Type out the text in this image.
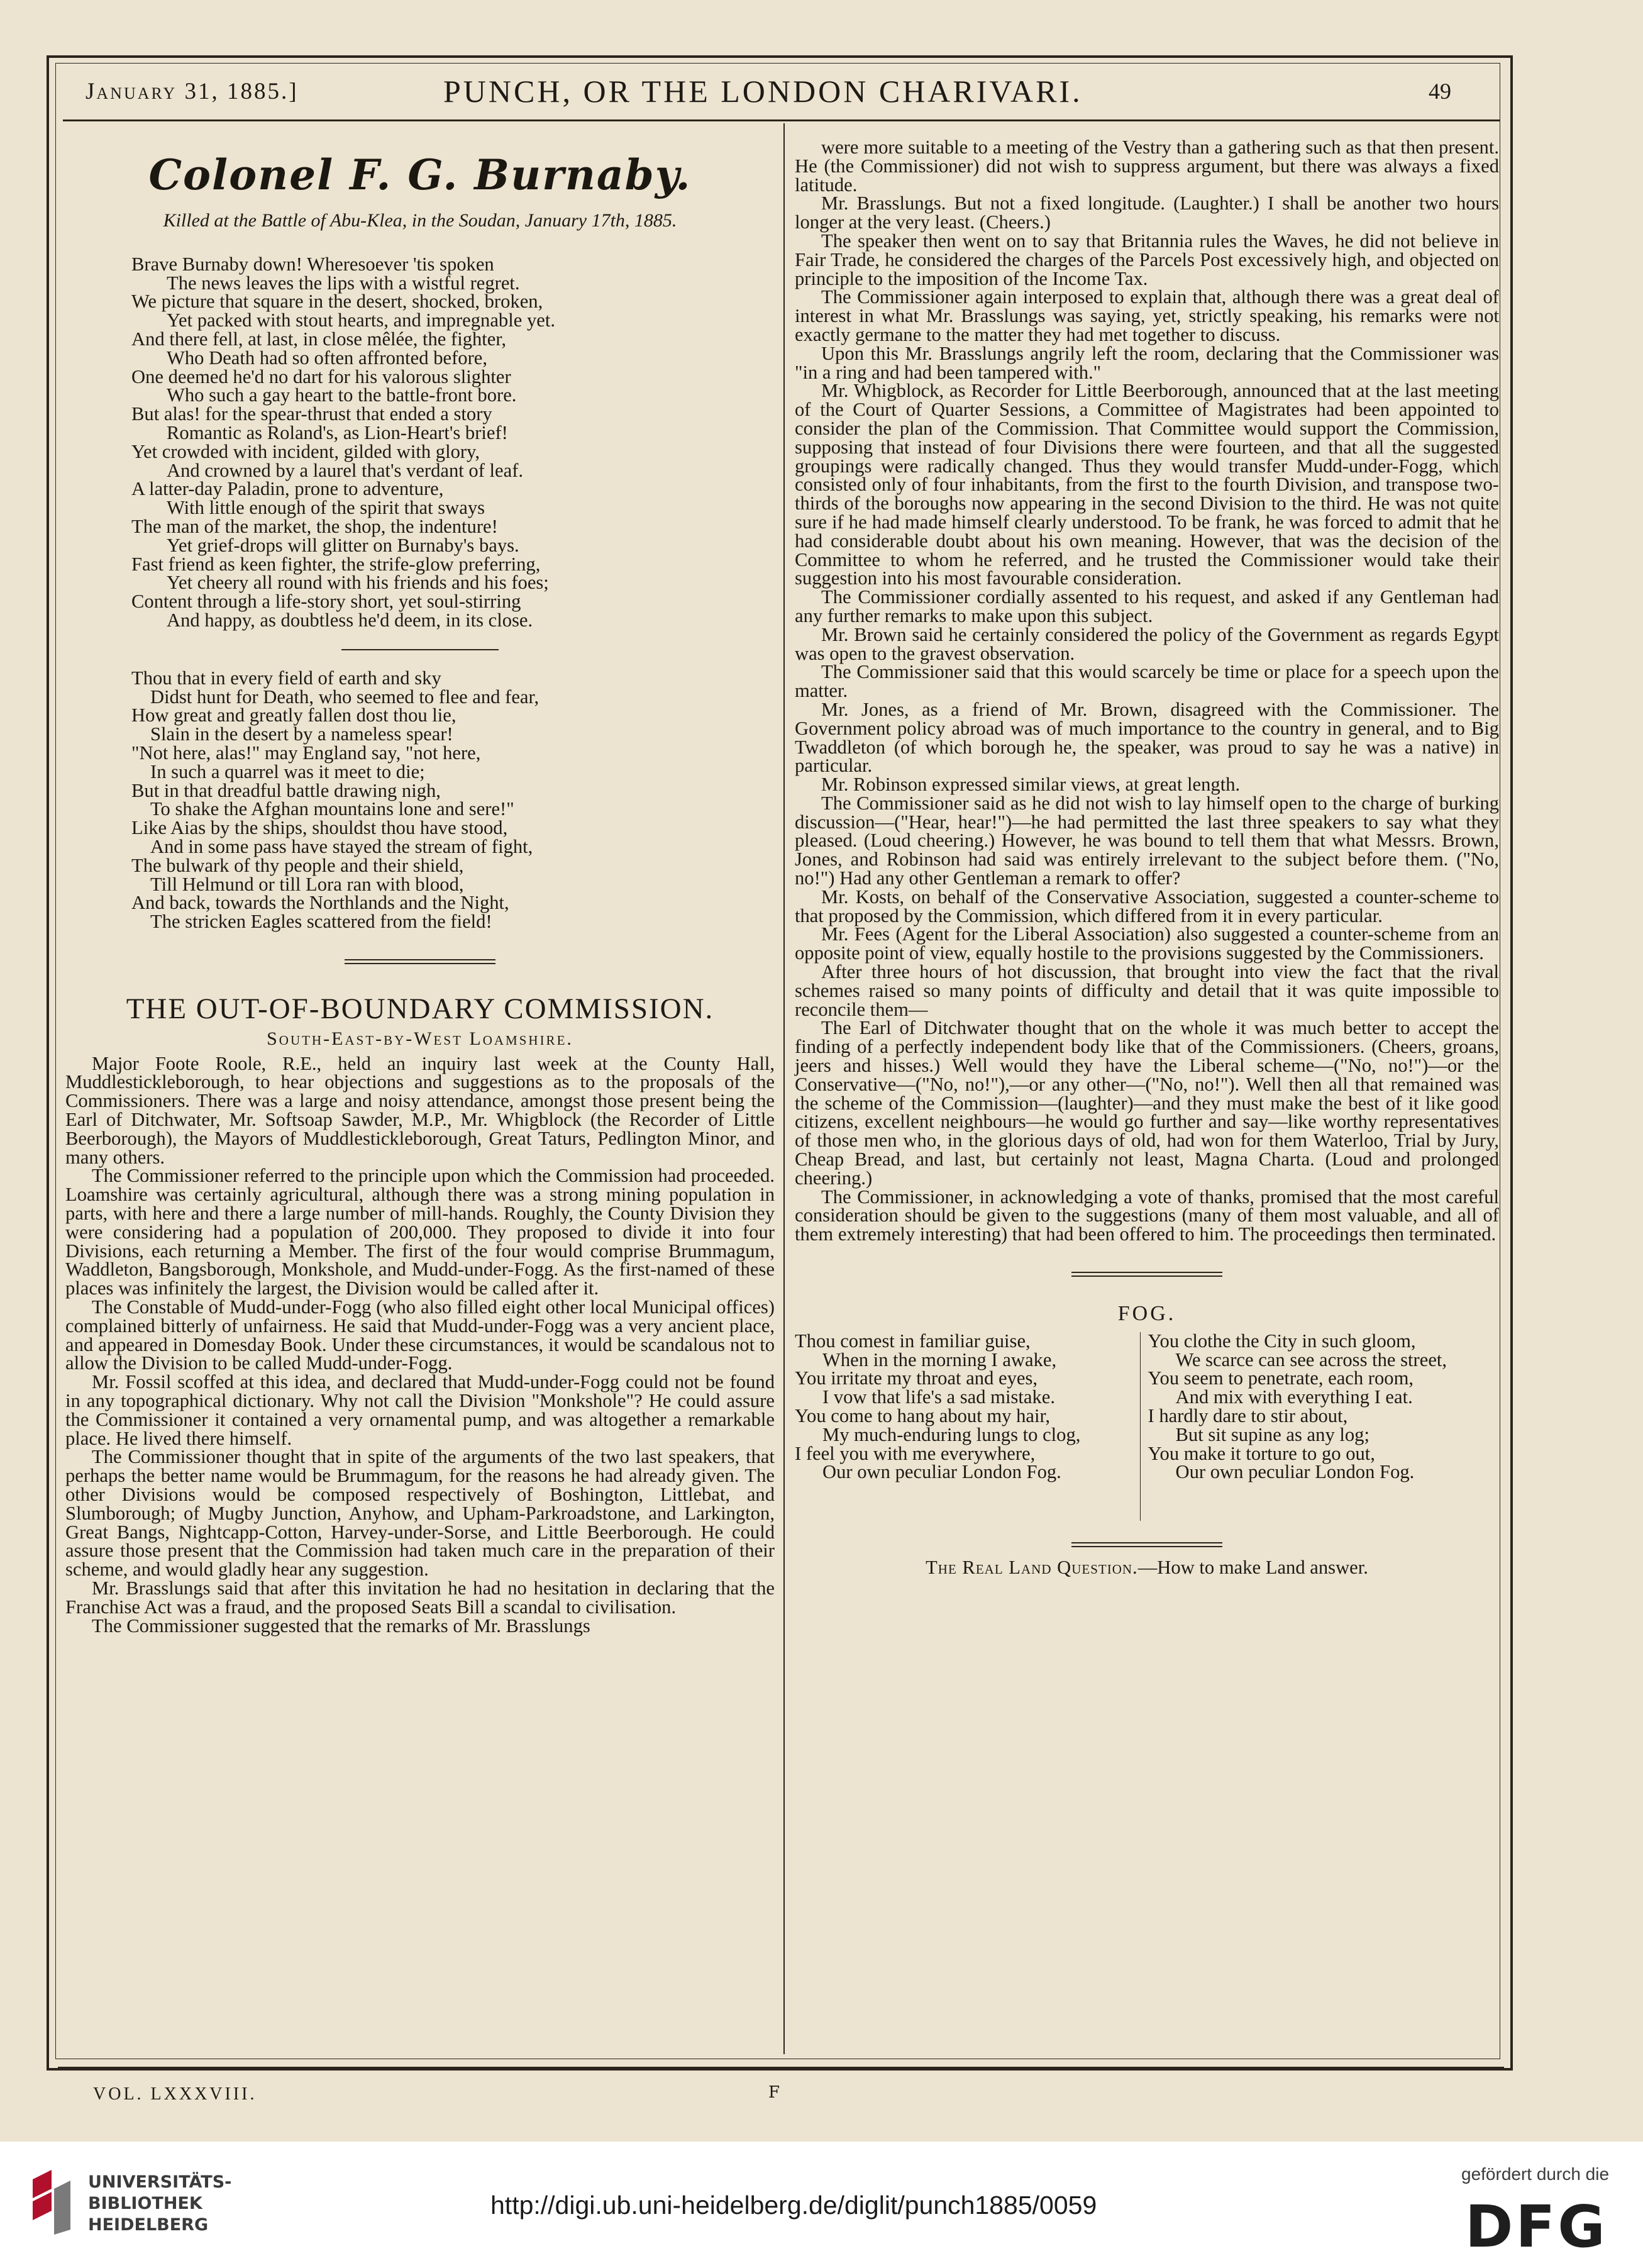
January 31, 1885.]	PUNCH, OR THE LONDON CHARIVARI.	49
Colonel F. G. Burnaby.
Killed at the Battle of Abu-Klea, in the Soudan, January 17th, 1885.

Brave Burnaby down! Wheresoever 'tis spoken

The news leaves the lips with a wistful regret.

We picture that square in the desert, shocked, broken,

Yet packed with stout hearts, and impregnable yet.

And there fell, at last, in close mêlée, the fighter,

Who Death had so often affronted before,

One deemed he'd no dart for his valorous slighter

Who such a gay heart to the battle-front bore.

But alas! for the spear-thrust that ended a story

Romantic as Roland's, as Lion-Heart's brief!

Yet crowded with incident, gilded with glory,

And crowned by a laurel that's verdant of leaf.

A latter-day Paladin, prone to adventure,

With little enough of the spirit that sways

The man of the market, the shop, the indenture!

Yet grief-drops will glitter on Burnaby's bays.

Fast friend as keen fighter, the strife-glow preferring,

Yet cheery all round with his friends and his foes;

Content through a life-story short, yet soul-stirring

And happy, as doubtless he'd deem, in its close.

Thou that in every field of earth and sky

Didst hunt for Death, who seemed to flee and fear,

How great and greatly fallen dost thou lie,

Slain in the desert by a nameless spear!

"Not here, alas!" may England say, "not here,

In such a quarrel was it meet to die;

But in that dreadful battle drawing nigh,

To shake the Afghan mountains lone and sere!"

Like Aias by the ships, shouldst thou have stood,

And in some pass have stayed the stream of fight,

The bulwark of thy people and their shield,

Till Helmund or till Lora ran with blood,

And back, towards the Northlands and the Night,

The stricken Eagles scattered from the field!

THE OUT-OF-BOUNDARY COMMISSION.
South-East-by-West Loamshire.

Major Foote Roole, R.E., held an inquiry last week at the County Hall, Muddlestickleborough, to hear objections and suggestions as to the proposals of the Commissioners. There was a large and noisy attendance, amongst those present being the Earl of Ditchwater, Mr. Softsoap Sawder, M.P., Mr. Whigblock (the Recorder of Little Beerborough), the Mayors of Muddlestickleborough, Great Taturs, Pedlington Minor, and many others.

The Commissioner referred to the principle upon which the Commission had proceeded. Loamshire was certainly agricultural, although there was a strong mining population in parts, with here and there a large number of mill-hands. Roughly, the County Division they were considering had a population of 200,000. They proposed to divide it into four Divisions, each returning a Member. The first of the four would comprise Brummagum, Waddleton, Bangsborough, Monkshole, and Mudd-under-Fogg. As the first-named of these places was infinitely the largest, the Division would be called after it.

The Constable of Mudd-under-Fogg (who also filled eight other local Municipal offices) complained bitterly of unfairness. He said that Mudd-under-Fogg was a very ancient place, and appeared in Domesday Book. Under these circumstances, it would be scandalous not to allow the Division to be called Mudd-under-Fogg.

Mr. Fossil scoffed at this idea, and declared that Mudd-under-Fogg could not be found in any topographical dictionary. Why not call the Division "Monkshole"? He could assure the Commissioner it contained a very ornamental pump, and was altogether a remarkable place. He lived there himself.

The Commissioner thought that in spite of the arguments of the two last speakers, that perhaps the better name would be Brummagum, for the reasons he had already given. The other Divisions would be composed respectively of Boshington, Littlebat, and Slumborough; of Mugby Junction, Anyhow, and Upham-Parkroadstone, and Larkington, Great Bangs, Nightcapp-Cotton, Harvey-under-Sorse, and Little Beerborough. He could assure those present that the Commission had taken much care in the preparation of their scheme, and would gladly hear any suggestion.

Mr. Brasslungs said that after this invitation he had no hesitation in declaring that the Franchise Act was a fraud, and the proposed Seats Bill a scandal to civilisation.

The Commissioner suggested that the remarks of Mr. Brasslungs

were more suitable to a meeting of the Vestry than a gathering such as that then present. He (the Commissioner) did not wish to suppress argument, but there was always a fixed latitude.

Mr. Brasslungs. But not a fixed longitude. (Laughter.) I shall be another two hours longer at the very least. (Cheers.)

The speaker then went on to say that Britannia rules the Waves, he did not believe in Fair Trade, he considered the charges of the Parcels Post excessively high, and objected on principle to the imposition of the Income Tax.

The Commissioner again interposed to explain that, although there was a great deal of interest in what Mr. Brasslungs was saying, yet, strictly speaking, his remarks were not exactly germane to the matter they had met together to discuss.

Upon this Mr. Brasslungs angrily left the room, declaring that the Commissioner was "in a ring and had been tampered with."

Mr. Whigblock, as Recorder for Little Beerborough, announced that at the last meeting of the Court of Quarter Sessions, a Committee of Magistrates had been appointed to consider the plan of the Commission. That Committee would support the Commission, supposing that instead of four Divisions there were fourteen, and that all the suggested groupings were radically changed. Thus they would transfer Mudd-under-Fogg, which consisted only of four inhabitants, from the first to the fourth Division, and transpose two-thirds of the boroughs now appearing in the second Division to the third. He was not quite sure if he had made himself clearly understood. To be frank, he was forced to admit that he had considerable doubt about his own meaning. However, that was the decision of the Committee to whom he referred, and he trusted the Commissioner would take their suggestion into his most favourable consideration.

The Commissioner cordially assented to his request, and asked if any Gentleman had any further remarks to make upon this subject.

Mr. Brown said he certainly considered the policy of the Government as regards Egypt was open to the gravest observation.

The Commissioner said that this would scarcely be time or place for a speech upon the matter.

Mr. Jones, as a friend of Mr. Brown, disagreed with the Commissioner. The Government policy abroad was of much importance to the country in general, and to Big Twaddleton (of which borough he, the speaker, was proud to say he was a native) in particular.

Mr. Robinson expressed similar views, at great length.

The Commissioner said as he did not wish to lay himself open to the charge of burking discussion—("Hear, hear!")—he had permitted the last three speakers to say what they pleased. (Loud cheering.) However, he was bound to tell them that what Messrs. Brown, Jones, and Robinson had said was entirely irrelevant to the subject before them. ("No, no!") Had any other Gentleman a remark to offer?

Mr. Kosts, on behalf of the Conservative Association, suggested a counter-scheme to that proposed by the Commission, which differed from it in every particular.

Mr. Fees (Agent for the Liberal Association) also suggested a counter-scheme from an opposite point of view, equally hostile to the provisions suggested by the Commissioners.

After three hours of hot discussion, that brought into view the fact that the rival schemes raised so many points of difficulty and detail that it was quite impossible to reconcile them—

The Earl of Ditchwater thought that on the whole it was much better to accept the finding of a perfectly independent body like that of the Commissioners. (Cheers, groans, jeers and hisses.) Well would they have the Liberal scheme—("No, no!")—or the Conservative—("No, no!"),—or any other—("No, no!"). Well then all that remained was the scheme of the Commission—(laughter)—and they must make the best of it like good citizens, excellent neighbours—he would go further and say—like worthy representatives of those men who, in the glorious days of old, had won for them Waterloo, Trial by Jury, Cheap Bread, and last, but certainly not least, Magna Charta. (Loud and prolonged cheering.)

The Commissioner, in acknowledging a vote of thanks, promised that the most careful consideration should be given to the suggestions (many of them most valuable, and all of them extremely interesting) that had been offered to him. The proceedings then terminated.

FOG.

Thou comest in familiar guise,

When in the morning I awake,

You irritate my throat and eyes,

I vow that life's a sad mistake.

You come to hang about my hair,

My much-enduring lungs to clog,

I feel you with me everywhere,

Our own peculiar London Fog.

You clothe the City in such gloom,

We scarce can see across the street,

You seem to penetrate, each room,

And mix with everything I eat.

I hardly dare to stir about,

But sit supine as any log;

You make it torture to go out,

Our own peculiar London Fog.

The Real Land Question.—How to make Land answer.
VOL. LXXXVIII.	F
UNIVERSITÄTS-
BIBLIOTHEK
HEIDELBERG
http://digi.ub.uni-heidelberg.de/diglit/punch1885/0059
gefördert durch die
DFG
